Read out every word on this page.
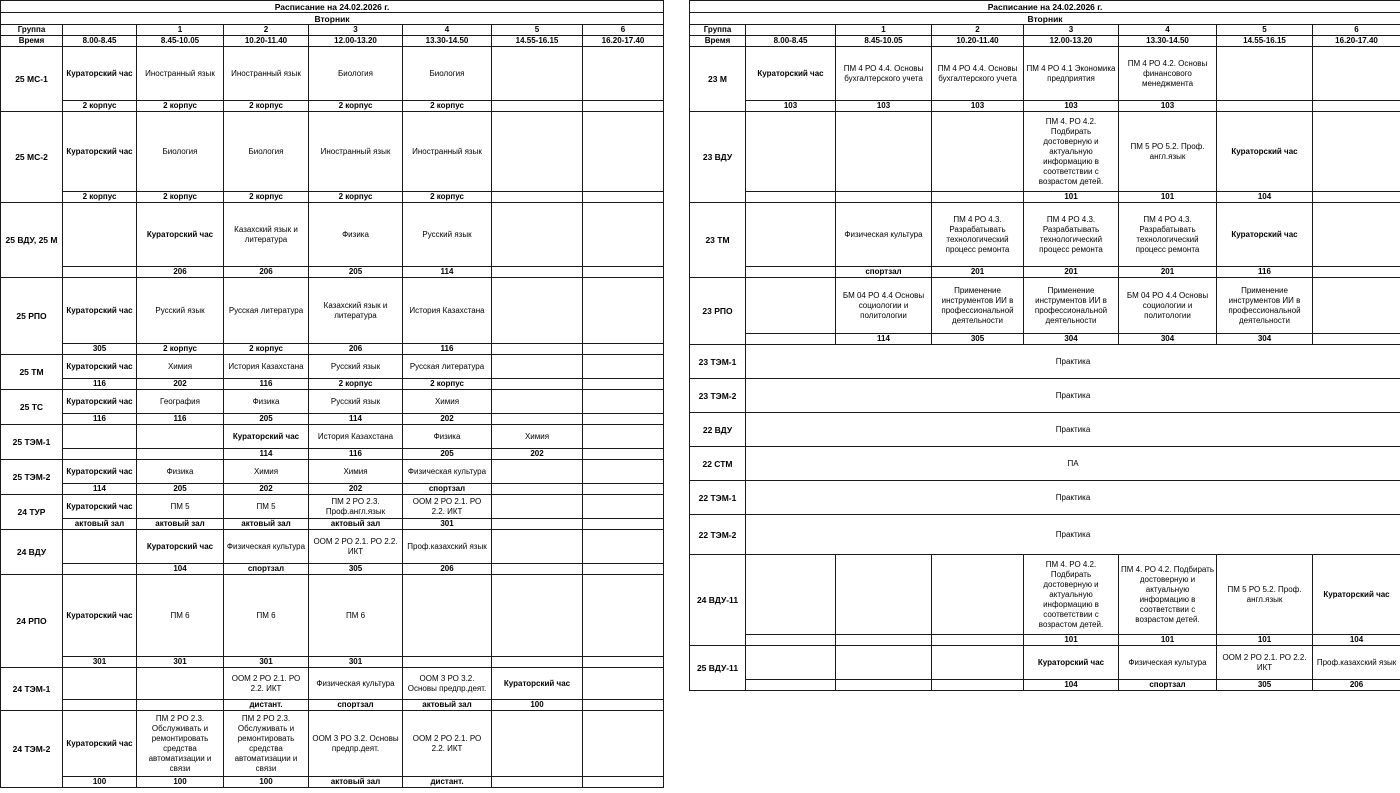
Расписание на 24.02.2026 г.							
Вторник							
Группа		1	2	3	4	5	6
Время	8.00-8.45	8.45-10.05	10.20-11.40	12.00-13.20	13.30-14.50	14.55-16.15	16.20-17.40
25 МС-1	Кураторский час	Иностранный язык	Иностранный язык	Биология	Биология		
	2 корпус	2 корпус	2 корпус	2 корпус	2 корпус		
25 МС-2	Кураторский час	Биология	Биология	Иностранный язык	Иностранный язык		
	2 корпус	2 корпус	2 корпус	2 корпус	2 корпус		
25 ВДУ, 25 М		Кураторский час	Казахский язык и литература	Физика	Русский язык		
		206	206	205	114		
25 РПО	Кураторский час	Русский язык	Русская литература	Казахский язык и литература	История Казахстана		
	305	2 корпус	2 корпус	206	116		
25 ТМ	Кураторский час	Химия	История Казахстана	Русский язык	Русская литература		
	116	202	116	2 корпус	2 корпус		
25 ТС	Кураторский час	География	Физика	Русский язык	Химия		
	116	116	205	114	202		
25 ТЭМ-1			Кураторский час	История Казахстана	Физика	Химия	
			114	116	205	202	
25 ТЭМ-2	Кураторский час	Физика	Химия	Химия	Физическая культура		
	114	205	202	202	спортзал		
24 ТУР	Кураторский час	ПМ 5	ПМ 5	ПМ 2 РО 2.3. Проф.англ.язык	ООМ 2 РО 2.1. РО 2.2. ИКТ		
	актовый зал	актовый зал	актовый зал	актовый зал	301		
24 ВДУ		Кураторский час	Физическая культура	ООМ 2 РО 2.1. РО 2.2. ИКТ	Проф.казахский язык		
		104	спортзал	305	206		
24 РПО	Кураторский час	ПМ 6	ПМ 6	ПМ 6			
	301	301	301	301			
24 ТЭМ-1			ООМ 2 РО 2.1. РО 2.2. ИКТ	Физическая культура	ООМ 3 РО 3.2. Основы предпр.деят.	Кураторский час	
			дистант.	спортзал	актовый зал	100	
24 ТЭМ-2	Кураторский час	ПМ 2 РО 2.3. Обслуживать и ремонтировать средства автоматизации и связи	ПМ 2 РО 2.3. Обслуживать и ремонтировать средства автоматизации и связи	ООМ 3 РО 3.2. Основы предпр.деят.	ООМ 2 РО 2.1. РО 2.2. ИКТ		
	100	100	100	актовый зал	дистант.		
Расписание на 24.02.2026 г.							
Вторник							
Группа		1	2	3	4	5	6
Время	8.00-8.45	8.45-10.05	10.20-11.40	12.00-13.20	13.30-14.50	14.55-16.15	16.20-17.40
23 М	Кураторский час	ПМ 4 РО 4.4. Основы бухгалтерского учета	ПМ 4 РО 4.4. Основы бухгалтерского учета	ПМ 4 РО 4.1 Экономика предприятия	ПМ 4 РО 4.2. Основы финансового менеджмента		
	103	103	103	103	103		
23 ВДУ				ПМ 4. РО 4.2. Подбирать достоверную и актуальную информацию в соответствии с возрастом детей.	ПМ 5 РО 5.2. Проф. англ.язык	Кураторский час	
				101	101	104	
23 ТМ		Физическая культура	ПМ 4 РО 4.3. Разрабатывать технологический процесс ремонта	ПМ 4 РО 4.3. Разрабатывать технологический процесс ремонта	ПМ 4 РО 4.3. Разрабатывать технологический процесс ремонта	Кураторский час	
		спортзал	201	201	201	116	
23 РПО		БМ 04 РО 4.4 Основы социологии и политологии	Применение инструментов ИИ в профессиональной деятельности	Применение инструментов ИИ в профессиональной деятельности	БМ 04 РО 4.4 Основы социологии и политологии	Применение инструментов ИИ в профессиональной деятельности	
		114	305	304	304	304	
23 ТЭМ-1	Практика						
23 ТЭМ-2	Практика						
22 ВДУ	Практика						
22 СТМ	ПА						
22 ТЭМ-1	Практика						
22 ТЭМ-2	Практика						
24 ВДУ-11				ПМ 4. РО 4.2. Подбирать достоверную и актуальную информацию в соответствии с возрастом детей.	ПМ 4. РО 4.2. Подбирать достоверную и актуальную информацию в соответствии с возрастом детей.	ПМ 5 РО 5.2. Проф. англ.язык	Кураторский час
				101	101	101	104
25 ВДУ-11				Кураторский час	Физическая культура	ООМ 2 РО 2.1. РО 2.2. ИКТ	Проф.казахский язык
				104	спортзал	305	206
